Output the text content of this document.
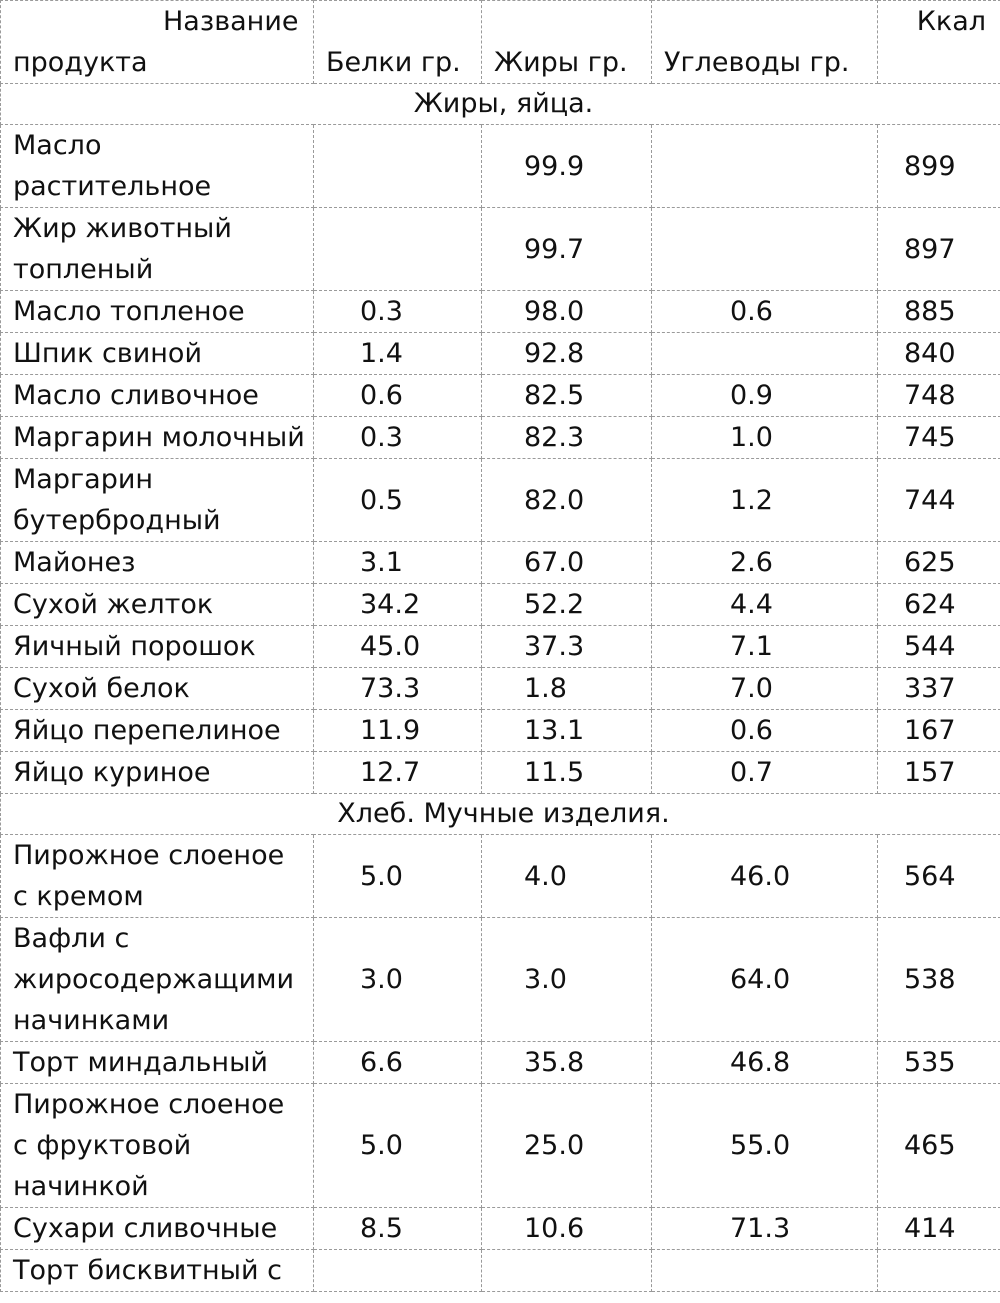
Название
продукта	Белки гр.	Жиры гр.	Углеводы гр.	Ккал
Жиры, яйца.				
Масло растительное		99.9		899
Жир животный топленый		99.7		897
Масло топленое	0.3	98.0	0.6	885
Шпик свиной	1.4	92.8		840
Масло сливочное	0.6	82.5	0.9	748
Маргарин молочный	0.3	82.3	1.0	745
Маргарин бутербродный	0.5	82.0	1.2	744
Майонез	3.1	67.0	2.6	625
Сухой желток	34.2	52.2	4.4	624
Яичный порошок	45.0	37.3	7.1	544
Сухой белок	73.3	1.8	7.0	337
Яйцо перепелиное	11.9	13.1	0.6	167
Яйцо куриное	12.7	11.5	0.7	157
Хлеб. Мучные изделия.				
Пирожное слоеное с кремом	5.0	4.0	46.0	564
Вафли с жиросодержащими начинками	3.0	3.0	64.0	538
Торт миндальный	6.6	35.8	46.8	535
Пирожное слоеное с фруктовой начинкой	5.0	25.0	55.0	465
Сухари сливочные	8.5	10.6	71.3	414
Торт бисквитный с				
